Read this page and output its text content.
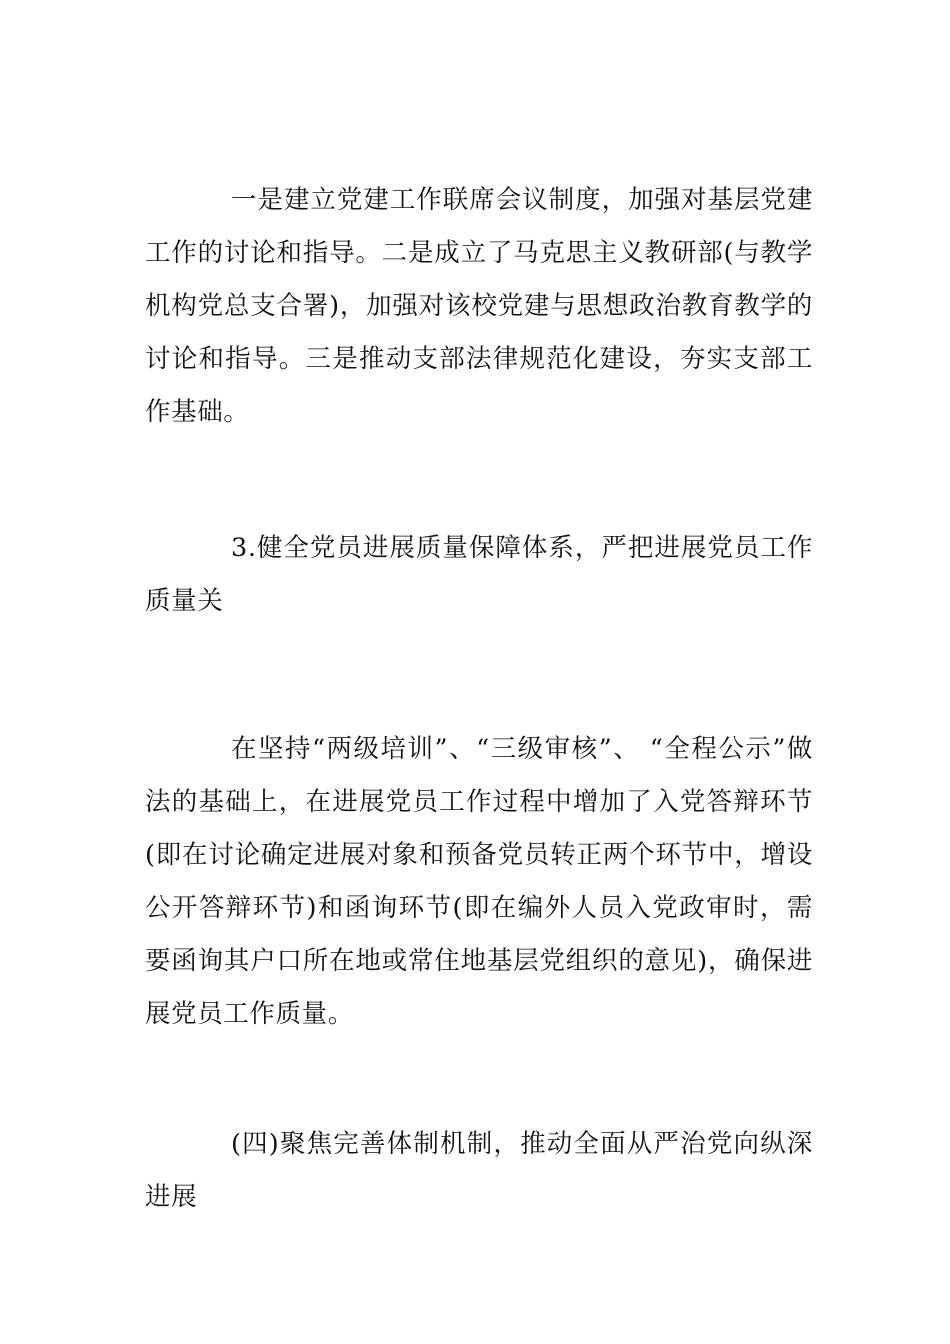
一是建立党建工作联席会议制度，加强对基层党建工作的讨论和指导。二是成立了马克思主义教研部(与教学机构党总支合署)，加强对该校党建与思想政治教育教学的讨论和指导。三是推动支部法律规范化建设，夯实支部工作基础。

3.健全党员进展质量保障体系，严把进展党员工作质量关

在坚持“两级培训”、“三级审核”、 “全程公示”做法的基础上，在进展党员工作过程中增加了入党答辩环节(即在讨论确定进展对象和预备党员转正两个环节中，增设公开答辩环节)和函询环节(即在编外人员入党政审时，需要函询其户口所在地或常住地基层党组织的意见)，确保进展党员工作质量。

(四)聚焦完善体制机制，推动全面从严治党向纵深进展
